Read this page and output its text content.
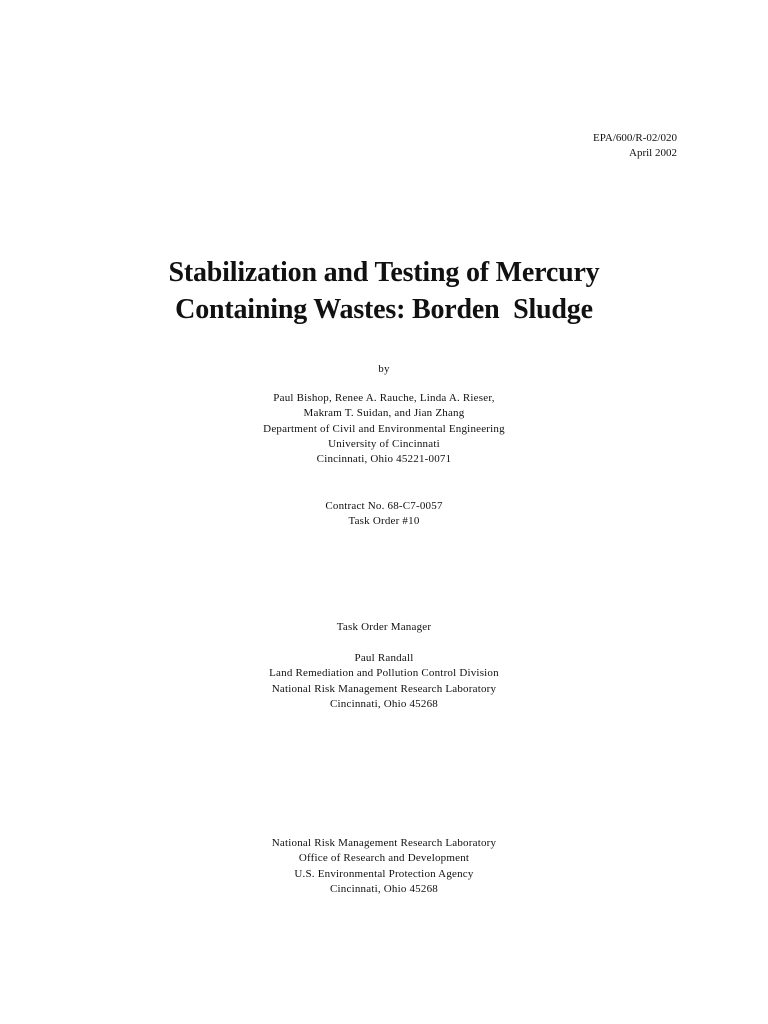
EPA/600/R-02/020
April 2002
Stabilization and Testing of Mercury
Containing Wastes: Borden  Sludge
by
Paul Bishop, Renee A. Rauche, Linda A. Rieser,
Makram T. Suidan, and Jian Zhang
Department of Civil and Environmental Engineering
University of Cincinnati
Cincinnati, Ohio 45221-0071
Contract No. 68-C7-0057
Task Order #10
Task Order Manager
Paul Randall
Land Remediation and Pollution Control Division
National Risk Management Research Laboratory
Cincinnati, Ohio 45268
National Risk Management Research Laboratory
Office of Research and Development
U.S. Environmental Protection Agency
Cincinnati, Ohio 45268
